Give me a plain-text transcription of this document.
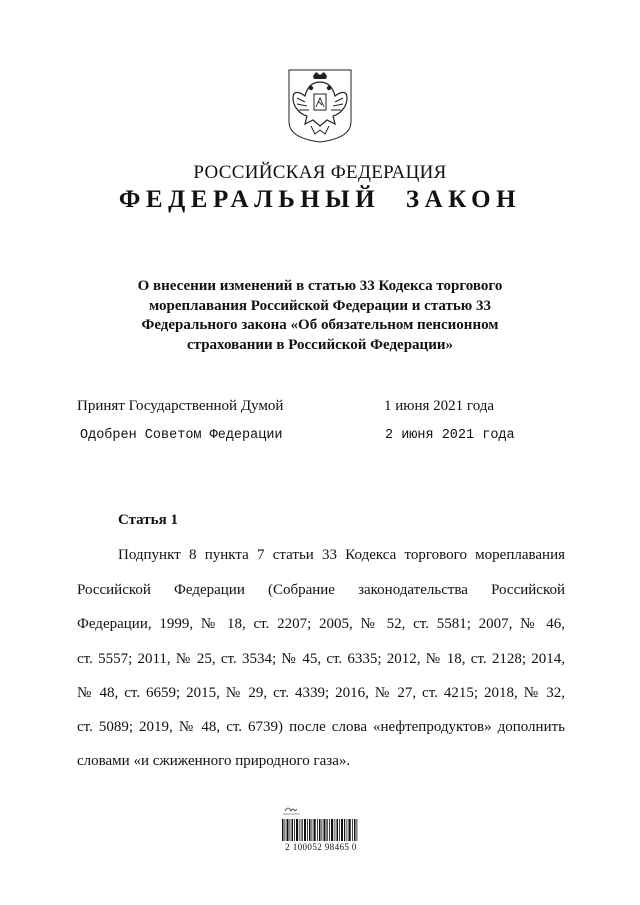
РОССИЙСКАЯ ФЕДЕРАЦИЯ
ФЕДЕРАЛЬНЫЙ ЗАКОН
О внесении изменений в статью 33 Кодекса торгового
мореплавания Российской Федерации и статью 33
Федерального закона «Об обязательном пенсионном
страховании в Российской Федерации»
Принят Государственной Думой	1 июня 2021 года
Одобрен Советом Федерации	2 июня 2021 года
Статья 1
Подпункт 8 пункта 7 статьи 33 Кодекса торгового мореплавания
Российской Федерации (Собрание законодательства Российской
Федерации, 1999, № 18, ст. 2207; 2005, № 52, ст. 5581; 2007, № 46,
ст. 5557; 2011, № 25, ст. 3534; № 45, ст. 6335; 2012, № 18, ст. 2128; 2014,
№ 48, ст. 6659; 2015, № 29, ст. 4339; 2016, № 27, ст. 4215; 2018, № 32,
ст. 5089; 2019, № 48, ст. 6739) после слова «нефтепродуктов» дополнить
словами «и сжиженного природного газа».
2 100052 98465 0
